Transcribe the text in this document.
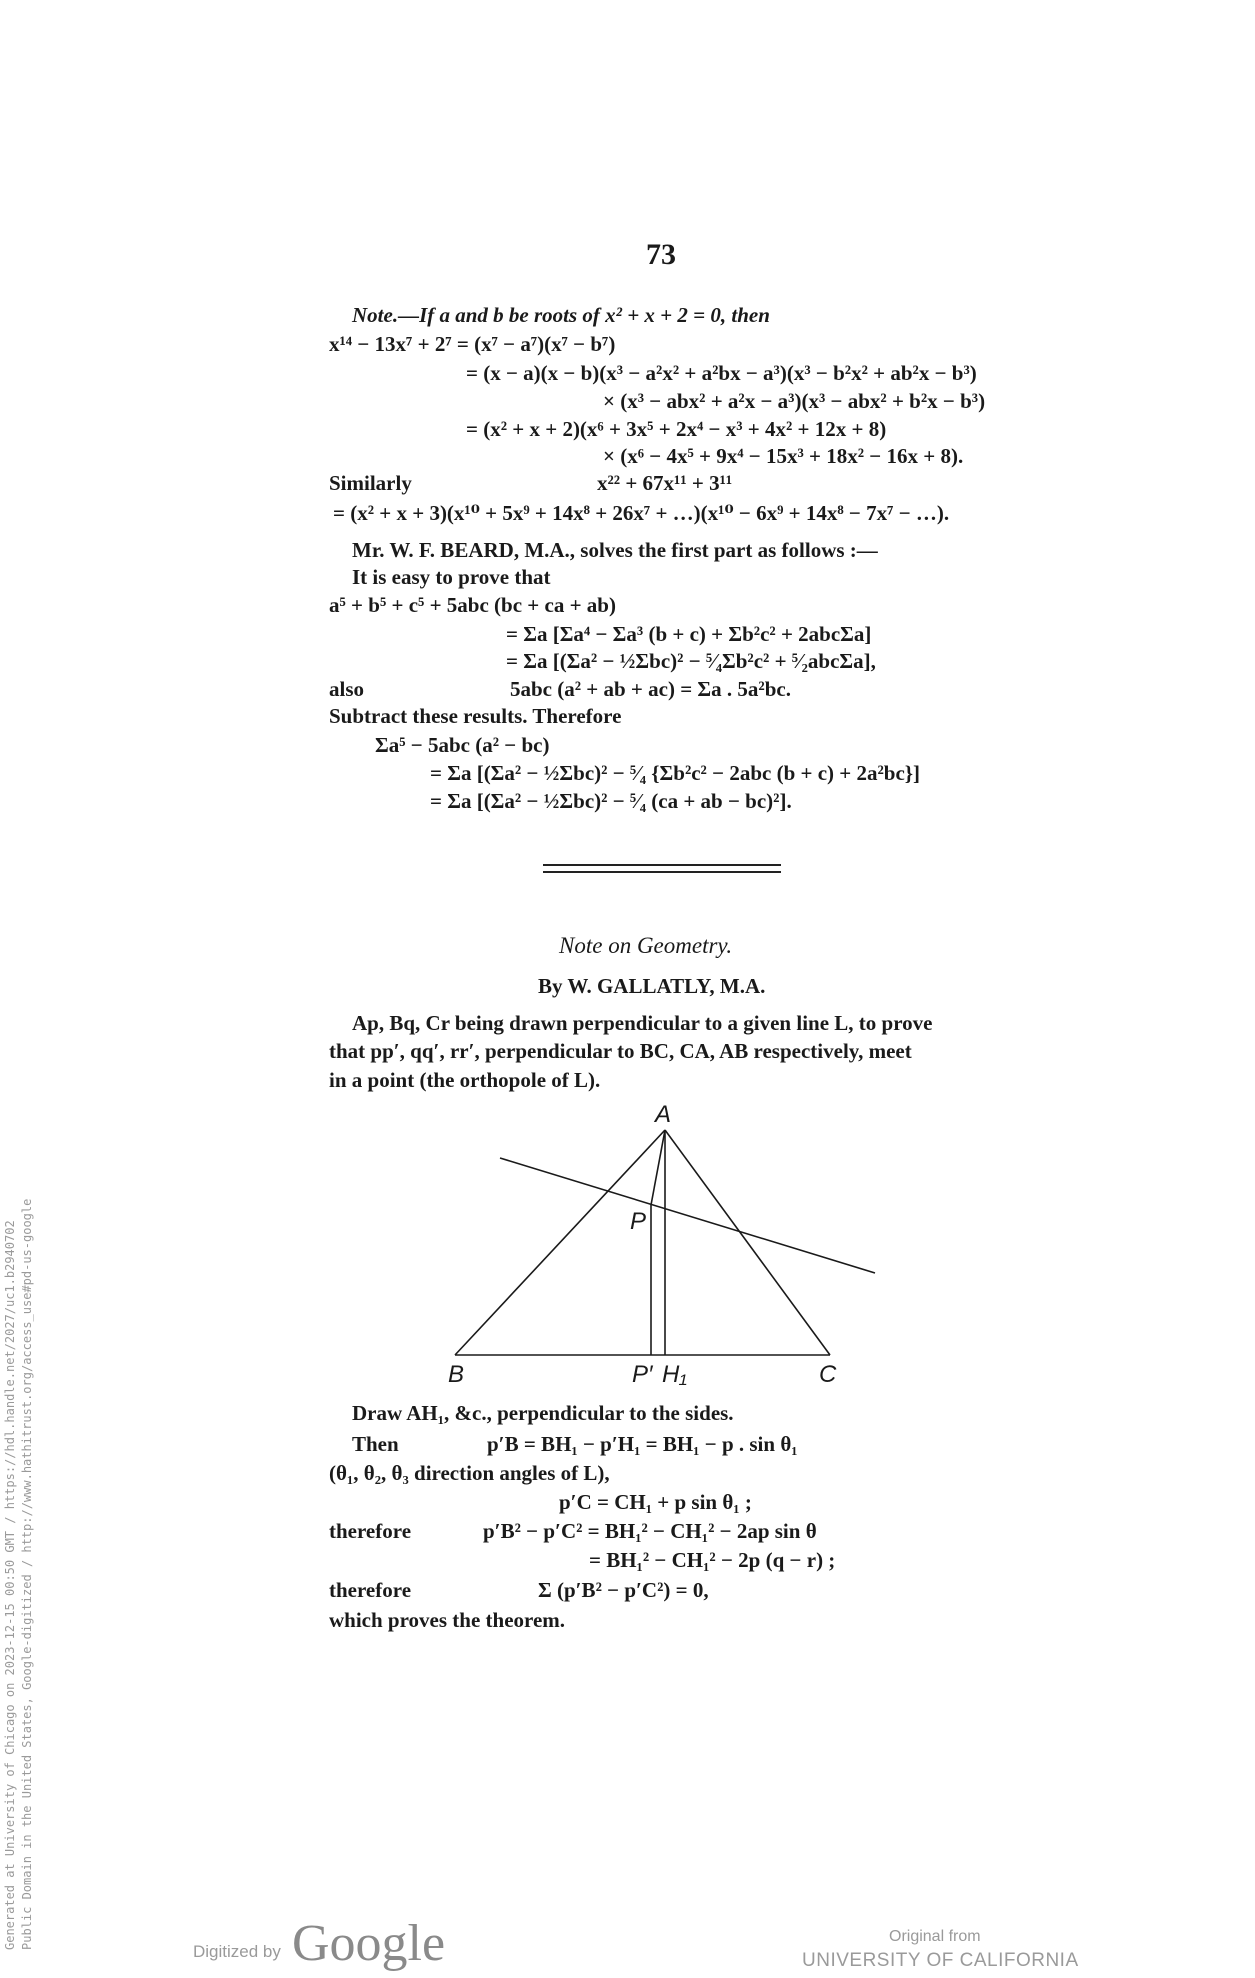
73
Note.—If a and b be roots of x² + x + 2 = 0, then
x¹⁴ − 13x⁷ + 2⁷ = (x⁷ − a⁷)(x⁷ − b⁷)
= (x − a)(x − b)(x³ − a²x² + a²bx − a³)(x³ − b²x² + ab²x − b³)
× (x³ − abx² + a²x − a³)(x³ − abx² + b²x − b³)
= (x² + x + 2)(x⁶ + 3x⁵ + 2x⁴ − x³ + 4x² + 12x + 8)
× (x⁶ − 4x⁵ + 9x⁴ − 15x³ + 18x² − 16x + 8).
Similarly	x²² + 67x¹¹ + 3¹¹
= (x² + x + 3)(x¹⁰ + 5x⁹ + 14x⁸ + 26x⁷ + …)(x¹⁰ − 6x⁹ + 14x⁸ − 7x⁷ − …).
Mr. W. F. BEARD, M.A., solves the first part as follows :—
It is easy to prove that
a⁵ + b⁵ + c⁵ + 5abc (bc + ca + ab)
= Σa [Σa⁴ − Σa³ (b + c) + Σb²c² + 2abcΣa]
= Σa [(Σa² − ½Σbc)² − ⁵⁄₄Σb²c² + ⁵⁄₂abcΣa],
also	5abc (a² + ab + ac) = Σa . 5a²bc.
Subtract these results. Therefore
Σa⁵ − 5abc (a² − bc)
= Σa [(Σa² − ½Σbc)² − ⁵⁄₄ {Σb²c² − 2abc (b + c) + 2a²bc}]
= Σa [(Σa² − ½Σbc)² − ⁵⁄₄ (ca + ab − bc)²].
Note on Geometry.
By W. GALLATLY, M.A.
Ap, Bq, Cr being drawn perpendicular to a given line L, to prove
that pp′, qq′, rr′, perpendicular to BC, CA, AB respectively, meet
in a point (the orthopole of L).
A
B	C
P
P′ H₁
Draw AH₁, &c., perpendicular to the sides.
Then	p′B = BH₁ − p′H₁ = BH₁ − p . sin θ₁
(θ₁, θ₂, θ₃ direction angles of L),
p′C = CH₁ + p sin θ₁ ;
therefore	p′B² − p′C² = BH₁² − CH₁² − 2ap sin θ
= BH₁² − CH₁² − 2p (q − r) ;
therefore	Σ (p′B² − p′C²) = 0,
which proves the theorem.
Generated at University of Chicago on 2023-12-15 00:50 GMT / https://hdl.handle.net/2027/uc1.b2940702 Public Domain in the United States, Google-digitized / http://www.hathitrust.org/access_use#pd-us-google
Digitized by Google	Original from
UNIVERSITY OF CALIFORNIA
